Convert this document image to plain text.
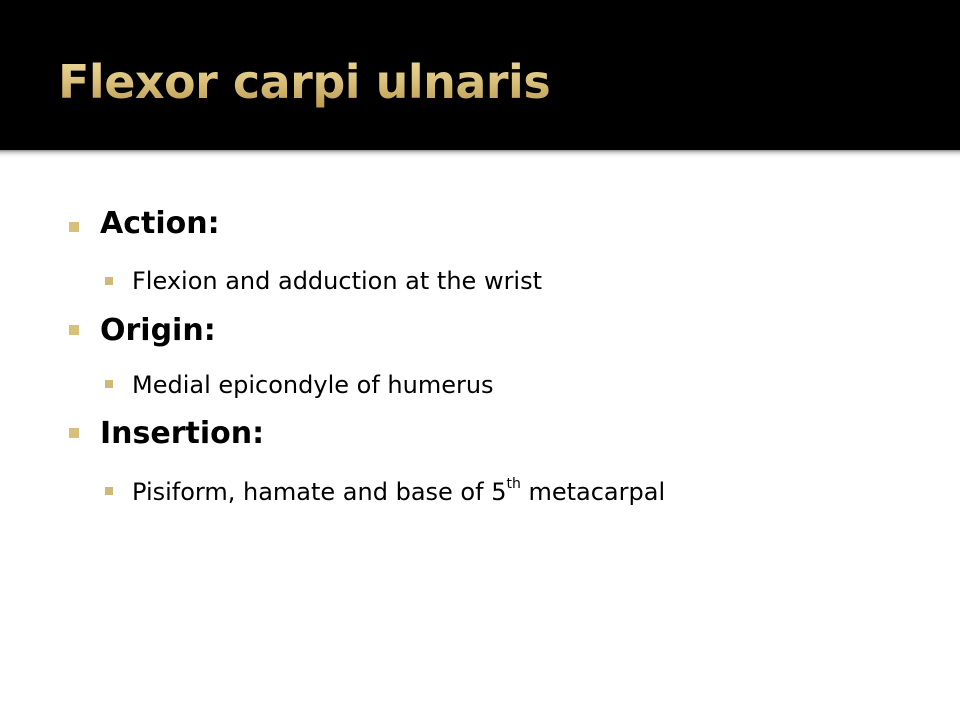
Flexor carpi ulnaris
Action:
Flexion and adduction at the wrist
Origin:
Medial epicondyle of humerus
Insertion:
Pisiform, hamate and base of 5th metacarpal
